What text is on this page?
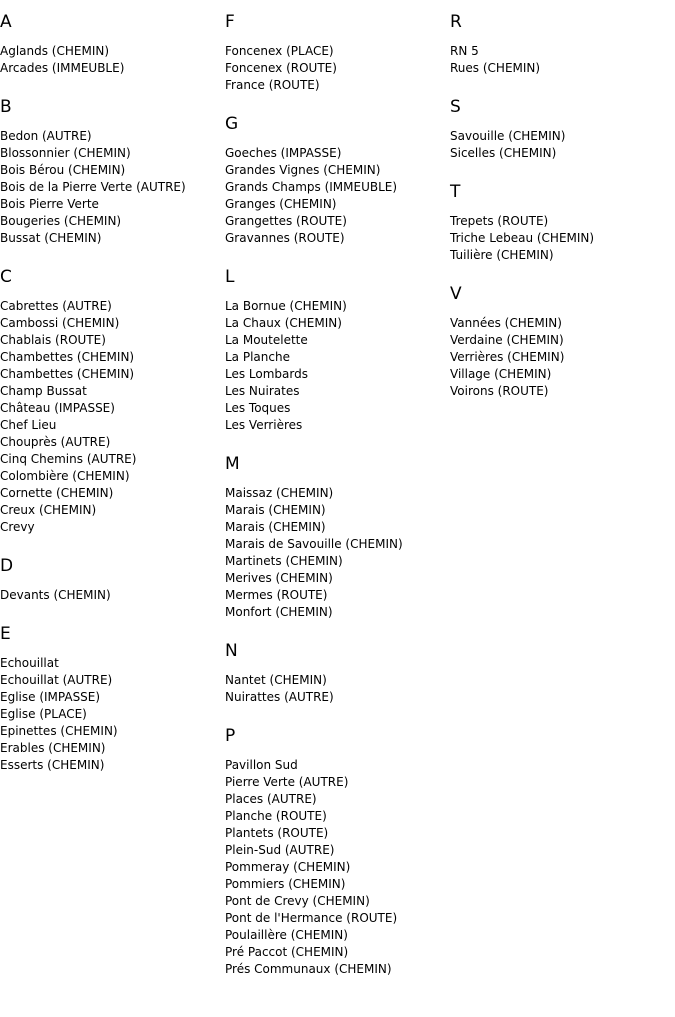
A
Aglands (CHEMIN)
Arcades (IMMEUBLE)
B
Bedon (AUTRE)
Blossonnier (CHEMIN)
Bois Bérou (CHEMIN)
Bois de la Pierre Verte (AUTRE)
Bois Pierre Verte
Bougeries (CHEMIN)
Bussat (CHEMIN)
C
Cabrettes (AUTRE)
Cambossi (CHEMIN)
Chablais (ROUTE)
Chambettes (CHEMIN)
Chambettes (CHEMIN)
Champ Bussat
Château (IMPASSE)
Chef Lieu
Chouprès (AUTRE)
Cinq Chemins (AUTRE)
Colombière (CHEMIN)
Cornette (CHEMIN)
Creux (CHEMIN)
Crevy
D
Devants (CHEMIN)
E
Echouillat
Echouillat (AUTRE)
Eglise (IMPASSE)
Eglise (PLACE)
Epinettes (CHEMIN)
Erables (CHEMIN)
Esserts (CHEMIN)
F
Foncenex (PLACE)
Foncenex (ROUTE)
France (ROUTE)
G
Goeches (IMPASSE)
Grandes Vignes (CHEMIN)
Grands Champs (IMMEUBLE)
Granges (CHEMIN)
Grangettes (ROUTE)
Gravannes (ROUTE)
L
La Bornue (CHEMIN)
La Chaux (CHEMIN)
La Moutelette
La Planche
Les Lombards
Les Nuirates
Les Toques
Les Verrières
M
Maissaz (CHEMIN)
Marais (CHEMIN)
Marais (CHEMIN)
Marais de Savouille (CHEMIN)
Martinets (CHEMIN)
Merives (CHEMIN)
Mermes (ROUTE)
Monfort (CHEMIN)
N
Nantet (CHEMIN)
Nuirattes (AUTRE)
P
Pavillon Sud
Pierre Verte (AUTRE)
Places (AUTRE)
Planche (ROUTE)
Plantets (ROUTE)
Plein-Sud (AUTRE)
Pommeray (CHEMIN)
Pommiers (CHEMIN)
Pont de Crevy (CHEMIN)
Pont de l'Hermance (ROUTE)
Poulaillère (CHEMIN)
Pré Paccot (CHEMIN)
Prés Communaux (CHEMIN)
R
RN 5
Rues (CHEMIN)
S
Savouille (CHEMIN)
Sicelles (CHEMIN)
T
Trepets (ROUTE)
Triche Lebeau (CHEMIN)
Tuilière (CHEMIN)
V
Vannées (CHEMIN)
Verdaine (CHEMIN)
Verrières (CHEMIN)
Village (CHEMIN)
Voirons (ROUTE)
